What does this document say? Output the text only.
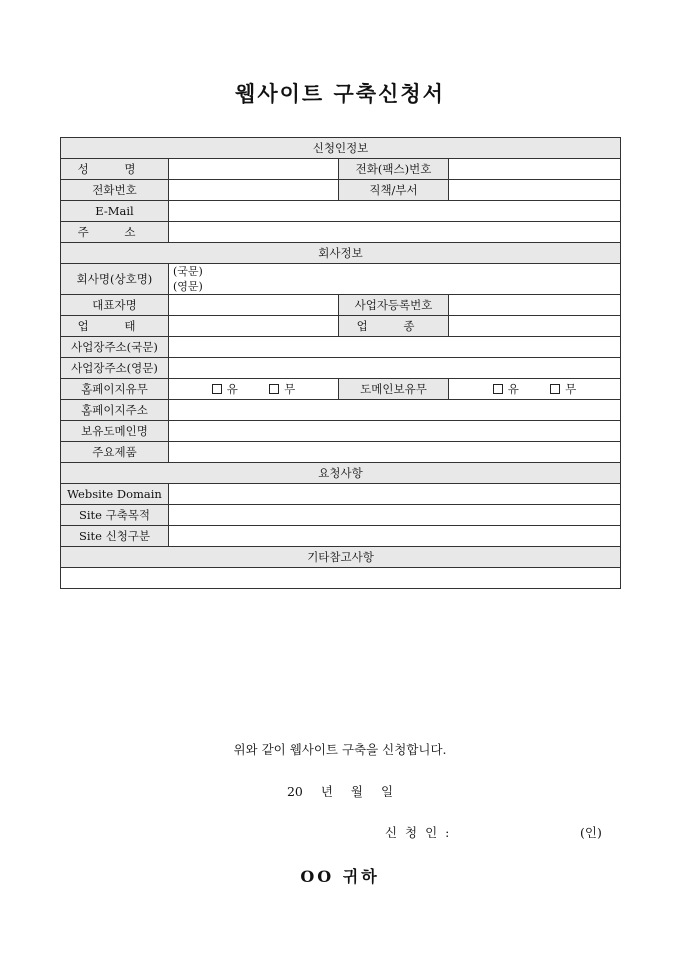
웹사이트 구축신청서
신청인정보			
성 명		전화(팩스)번호	
전화번호		직책/부서	
E-Mail			
주 소			
회사정보			
회사명(상호명)	(국문)
(영문)		

대표자명		사업자등록번호	
업 태		업 종	
사업장주소(국문)			
사업장주소(영문)			
홈페이지유무	유 무	도메인보유무	유 무
홈페이지주소			
보유도메인명			
주요제품			
요청사항			
Website Domain			
Site 구축목적			
Site 신청구분			
기타참고사항			

위와 같이 웹사이트 구축을 신청합니다.
20 년 월 일
신 청 인 :	(인)
OO 귀하
